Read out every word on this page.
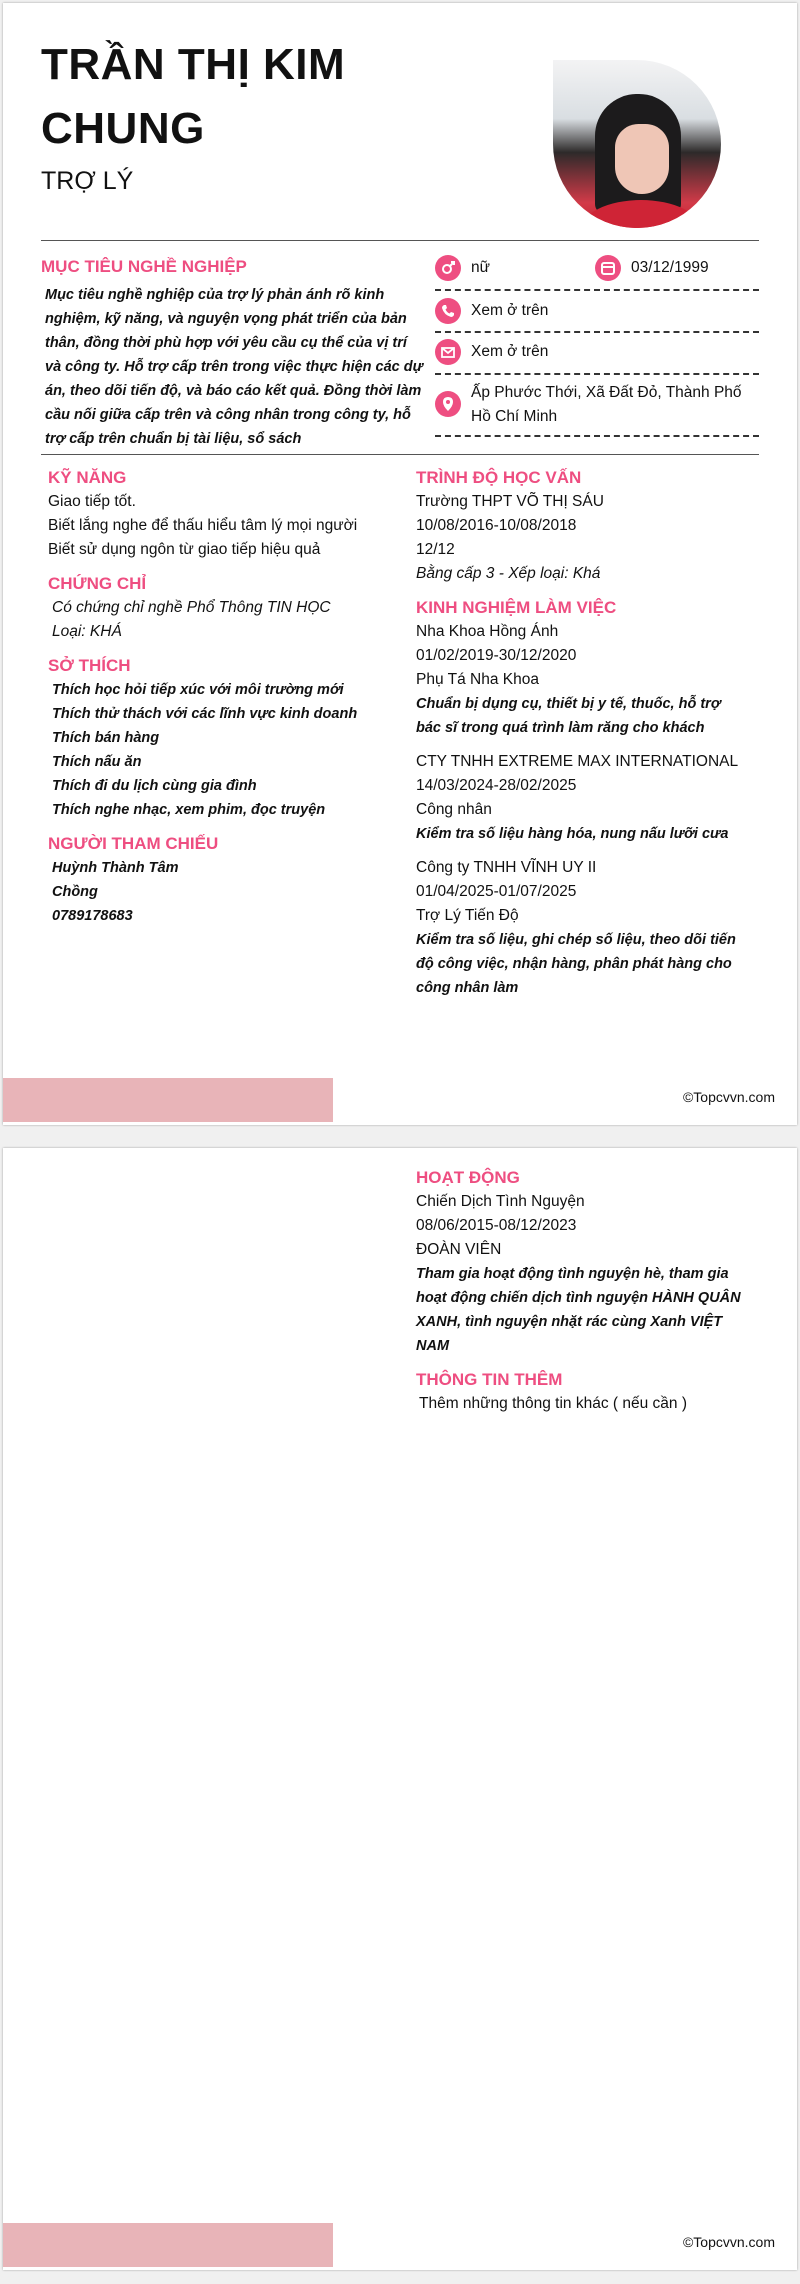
TRẦN THỊ KIM CHUNG
TRỢ LÝ
MỤC TIÊU NGHỀ NGHIỆP
Mục tiêu nghề nghiệp của trợ lý phản ánh rõ kinh nghiệm, kỹ năng, và nguyện vọng phát triển của bản thân, đồng thời phù hợp với yêu cầu cụ thể của vị trí và công ty. Hỗ trợ cấp trên trong việc thực hiện các dự án, theo dõi tiến độ, và báo cáo kết quả. Đồng thời làm cầu nối giữa cấp trên và công nhân trong công ty, hỗ trợ cấp trên chuẩn bị tài liệu, sổ sách
nữ	03/12/1999
Xem ở trên
Xem ở trên
Ấp Phước Thới, Xã Đất Đỏ, Thành Phố
Hồ Chí Minh
KỸ NĂNG
Giao tiếp tốt.
Biết lắng nghe để thấu hiểu tâm lý mọi người
Biết sử dụng ngôn từ giao tiếp hiệu quả
CHỨNG CHỈ
Có chứng chỉ nghề Phổ Thông TIN HỌC
Loại: KHÁ
SỞ THÍCH
Thích học hỏi tiếp xúc với môi trường mới
Thích thử thách với các lĩnh vực kinh doanh
Thích bán hàng
Thích nấu ăn
Thích đi du lịch cùng gia đình
Thích nghe nhạc, xem phim, đọc truyện
NGƯỜI THAM CHIẾU
Huỳnh Thành Tâm
Chồng
0789178683
TRÌNH ĐỘ HỌC VẤN
Trường THPT VÕ THỊ SÁU
10/08/2016-10/08/2018
12/12
Bằng cấp 3 - Xếp loại: Khá
KINH NGHIỆM LÀM VIỆC
Nha Khoa Hồng Ánh
01/02/2019-30/12/2020
Phụ Tá Nha Khoa
Chuẩn bị dụng cụ, thiết bị y tế, thuốc, hỗ trợ
bác sĩ trong quá trình làm răng cho khách
CTY TNHH EXTREME MAX INTERNATIONAL
14/03/2024-28/02/2025
Công nhân
Kiểm tra số liệu hàng hóa, nung nấu lưỡi cưa
Công ty TNHH VĨNH UY II
01/04/2025-01/07/2025
Trợ Lý Tiến Độ
Kiểm tra số liệu, ghi chép số liệu, theo dõi tiến
độ công việc, nhận hàng, phân phát hàng cho
công nhân làm
©Topcvvn.com
HOẠT ĐỘNG
Chiến Dịch Tình Nguyện
08/06/2015-08/12/2023
ĐOÀN VIÊN
Tham gia hoạt động tình nguyện hè, tham gia
hoạt động chiến dịch tình nguyện HÀNH QUÂN
XANH, tình nguyện nhặt rác cùng Xanh VIỆT
NAM
THÔNG TIN THÊM
Thêm những thông tin khác ( nếu cần )
©Topcvvn.com
